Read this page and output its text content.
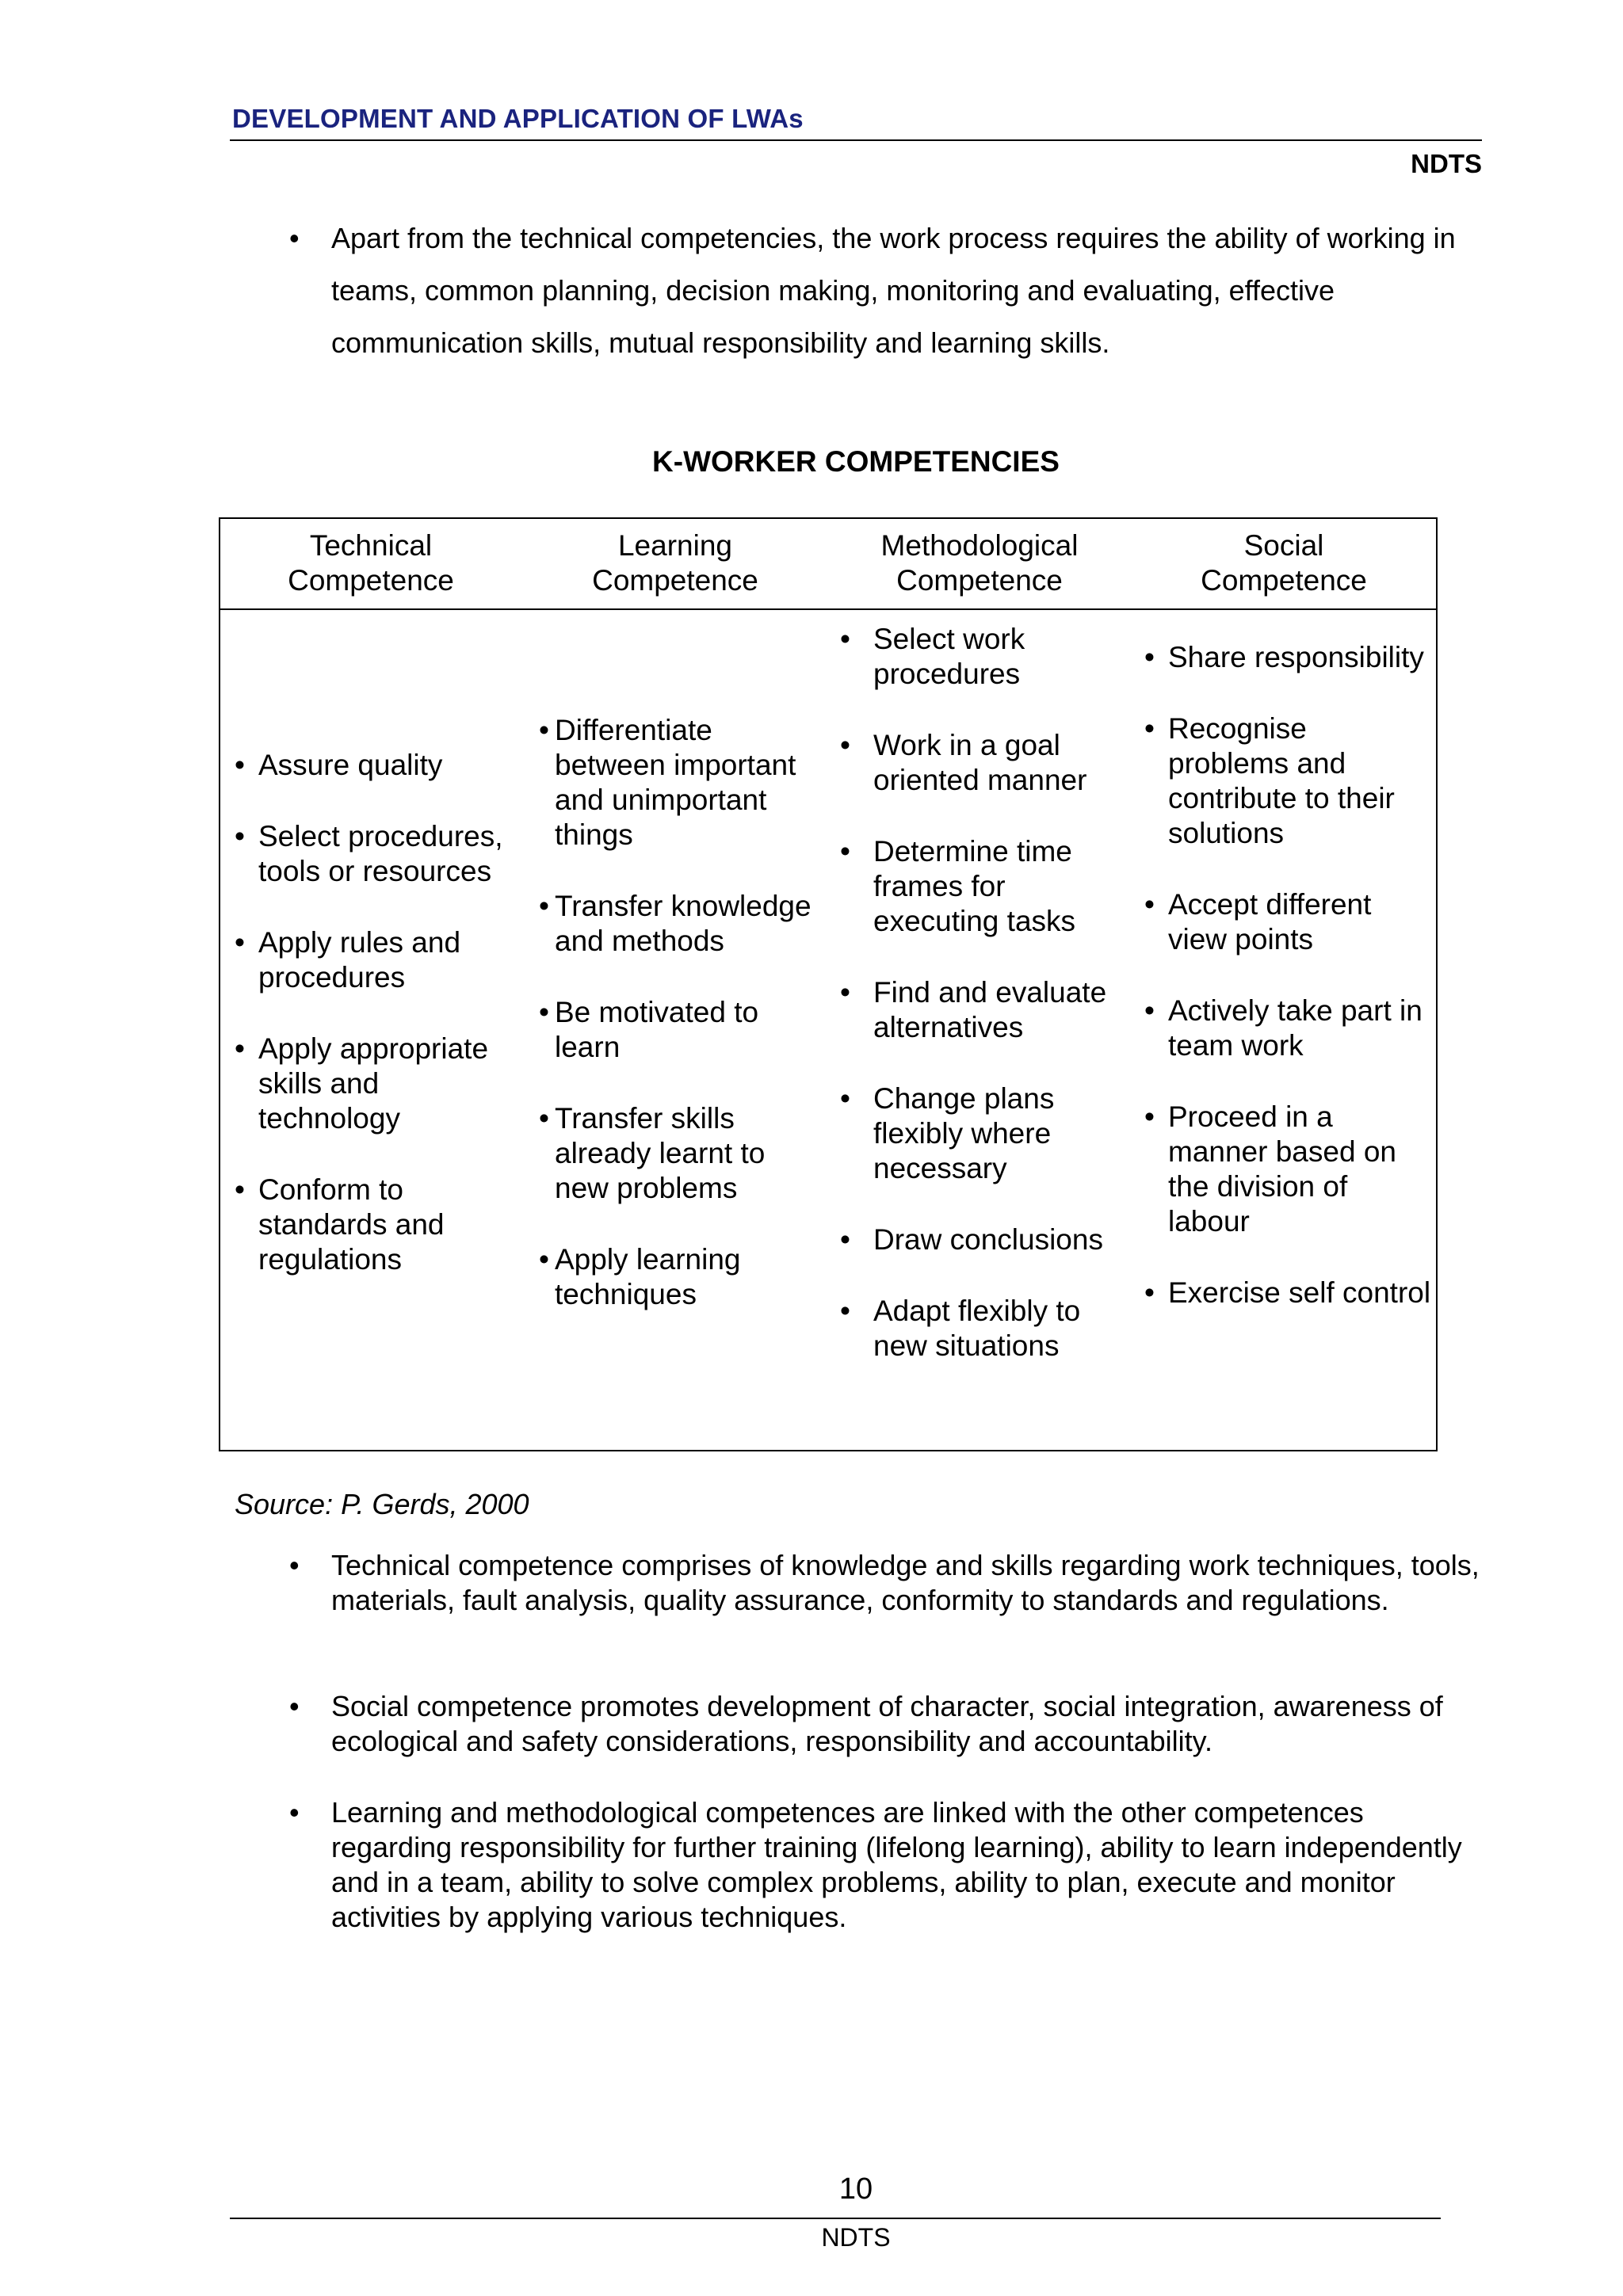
DEVELOPMENT AND APPLICATION OF LWAs
NDTS
• Apart from the technical competencies, the work process requires the ability of working in teams, common planning, decision making, monitoring and evaluating, effective communication skills, mutual responsibility and learning skills.
K-WORKER COMPETENCIES
Technical
Competence
Learning
Competence
Methodological
Competence
Social
Competence
• Assure quality
• Select procedures, tools or resources
• Apply rules and procedures
• Apply appropriate skills and technology
• Conform to standards and regulations
• Differentiate between important and unimportant things
• Transfer knowledge and methods
• Be motivated to learn
• Transfer skills already learnt to new problems
• Apply learning techniques
• Select work procedures
• Work in a goal oriented manner
• Determine time frames for executing tasks
• Find and evaluate alternatives
• Change plans flexibly where necessary
• Draw conclusions
• Adapt flexibly to new situations
• Share responsibility
• Recognise problems and contribute to their solutions
• Accept different view points
• Actively take part in team work
• Proceed in a manner based on the division of labour
• Exercise self control
Source: P. Gerds, 2000
• Technical competence comprises of knowledge and skills regarding work techniques, tools, materials, fault analysis, quality assurance, conformity to standards and regulations.
• Social competence promotes development of character, social integration, awareness of ecological and safety considerations, responsibility and accountability.
• Learning and methodological competences are linked with the other competences regarding responsibility for further training (lifelong learning), ability to learn independently and in a team, ability to solve complex problems, ability to plan, execute and monitor activities by applying various techniques.
10
NDTS
